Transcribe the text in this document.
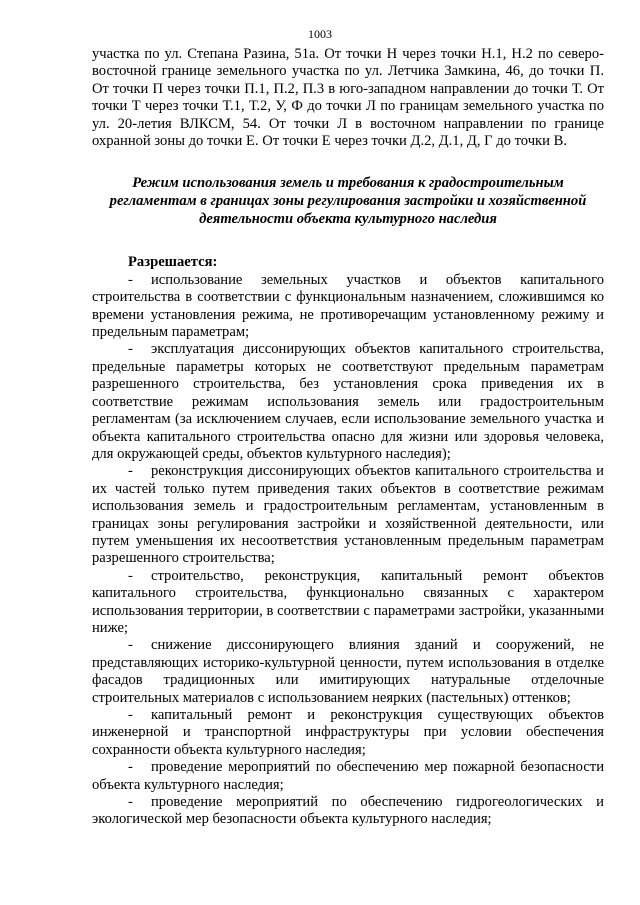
1003

участка по ул. Степана Разина, 51а. От точки Н через точки Н.1, Н.2 по северо-восточной границе земельного участка по ул. Летчика Замкина, 46, до точки П. От точки П через точки П.1, П.2, П.3 в юго-западном направлении до точки Т. От точки Т через точки Т.1, Т.2, У, Ф до точки Л по границам земельного участка по ул. 20-летия ВЛКСМ, 54. От точки Л в восточном направлении по границе охранной зоны до точки Е. От точки Е через точки Д.2, Д.1, Д, Г до точки В.

Режим использования земель и требования к градостроительным регламентам в границах зоны регулирования застройки и хозяйственной деятельности объекта культурного наследия

Разрешается:

- использование земельных участков и объектов капитального строительства в соответствии с функциональным назначением, сложившимся ко времени установления режима, не противоречащим установленному режиму и предельным параметрам;

- эксплуатация диссонирующих объектов капитального строительства, предельные параметры которых не соответствуют предельным параметрам разрешенного строительства, без установления срока приведения их в соответствие режимам использования земель или градостроительным регламентам (за исключением случаев, если использование земельного участка и объекта капитального строительства опасно для жизни или здоровья человека, для окружающей среды, объектов культурного наследия);

- реконструкция диссонирующих объектов капитального строительства и их частей только путем приведения таких объектов в соответствие режимам использования земель и градостроительным регламентам, установленным в границах зоны регулирования застройки и хозяйственной деятельности, или путем уменьшения их несоответствия установленным предельным параметрам разрешенного строительства;

- строительство, реконструкция, капитальный ремонт объектов капитального строительства, функционально связанных с характером использования территории, в соответствии с параметрами застройки, указанными ниже;

- снижение диссонирующего влияния зданий и сооружений, не представляющих историко-культурной ценности, путем использования в отделке фасадов традиционных или имитирующих натуральные отделочные строительных материалов с использованием неярких (пастельных) оттенков;

- капитальный ремонт и реконструкция существующих объектов инженерной и транспортной инфраструктуры при условии обеспечения сохранности объекта культурного наследия;

- проведение мероприятий по обеспечению мер пожарной безопасности объекта культурного наследия;

- проведение мероприятий по обеспечению гидрогеологических и экологической мер безопасности объекта культурного наследия;
